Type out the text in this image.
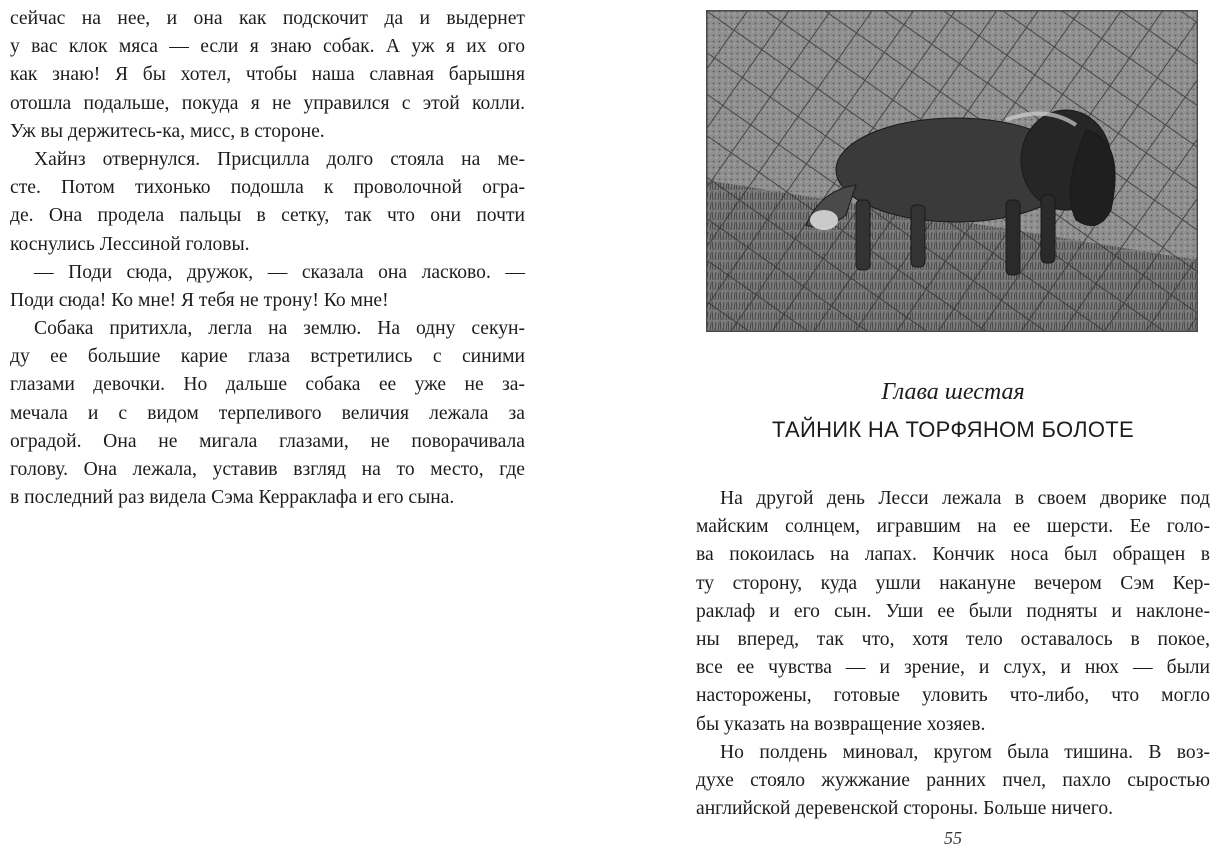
сейчас на нее, и она как подскочит да и выдернет
у вас клок мяса — если я знаю собак. А уж я их ого
как знаю! Я бы хотел, чтобы наша славная барышня
отошла подальше, покуда я не управился с этой колли.
Уж вы держитесь-ка, мисс, в стороне.
Хайнз отвернулся. Присцилла долго стояла на ме-
сте. Потом тихонько подошла к проволочной огра-
де. Она продела пальцы в сетку, так что они почти
коснулись Лессиной головы.
— Поди сюда, дружок, — сказала она ласково. —
Поди сюда! Ко мне! Я тебя не трону! Ко мне!
Собака притихла, легла на землю. На одну секун-
ду ее большие карие глаза встретились с синими
глазами девочки. Но дальше собака ее уже не за-
мечала и с видом терпеливого величия лежала за
оградой. Она не мигала глазами, не поворачивала
голову. Она лежала, уставив взгляд на то место, где
в последний раз видела Сэма Керраклафа и его сына.
Глава шестая
ТАЙНИК НА ТОРФЯНОМ БОЛОТЕ
На другой день Лесси лежала в своем дворике под
майским солнцем, игравшим на ее шерсти. Ее голо-
ва покоилась на лапах. Кончик носа был обращен в
ту сторону, куда ушли накануне вечером Сэм Кер-
раклаф и его сын. Уши ее были подняты и наклоне-
ны вперед, так что, хотя тело оставалось в покое,
все ее чувства — и зрение, и слух, и нюх — были
насторожены, готовые уловить что-либо, что могло
бы указать на возвращение хозяев.
Но полдень миновал, кругом была тишина. В воз-
духе стояло жужжание ранних пчел, пахло сыростью
английской деревенской стороны. Больше ничего.
55
